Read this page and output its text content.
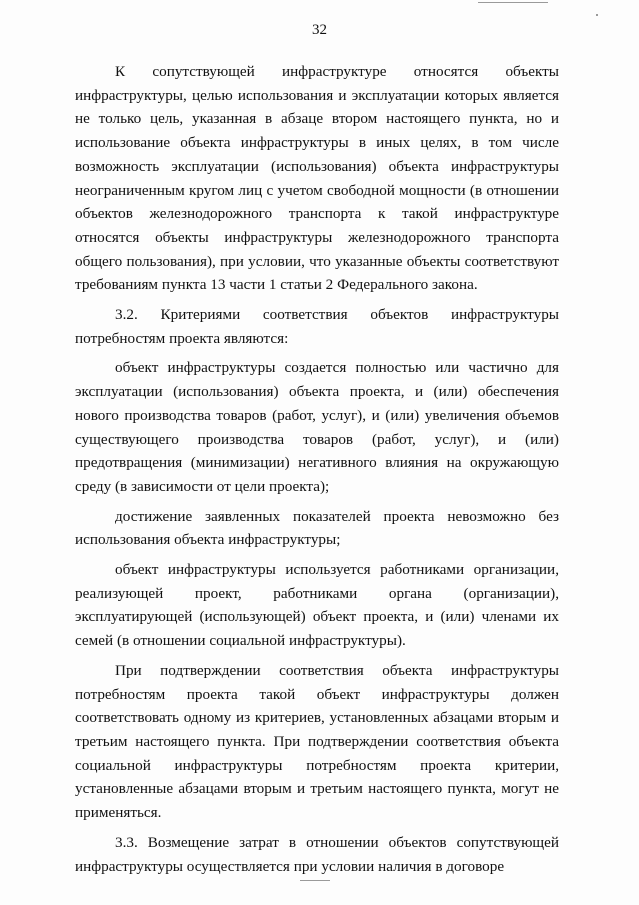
32

К сопутствующей инфраструктуре относятся объекты инфраструктуры, целью использования и эксплуатации которых является не только цель, указанная в абзаце втором настоящего пункта, но и использование объекта инфраструктуры в иных целях, в том числе возможность эксплуатации (использования) объекта инфраструктуры неограниченным кругом лиц с учетом свободной мощности (в отношении объектов железнодорожного транспорта к такой инфраструктуре относятся объекты инфраструктуры железнодорожного транспорта общего пользования), при условии, что указанные объекты соответствуют требованиям пункта 13 части 1 статьи 2 Федерального закона.

3.2. Критериями соответствия объектов инфраструктуры потребностям проекта являются:

объект инфраструктуры создается полностью или частично для эксплуатации (использования) объекта проекта, и (или) обеспечения нового производства товаров (работ, услуг), и (или) увеличения объемов существующего производства товаров (работ, услуг), и (или) предотвращения (минимизации) негативного влияния на окружающую среду (в зависимости от цели проекта);

достижение заявленных показателей проекта невозможно без использования объекта инфраструктуры;

объект инфраструктуры используется работниками организации, реализующей проект, работниками органа (организации), эксплуатирующей (использующей) объект проекта, и (или) членами их семей (в отношении социальной инфраструктуры).

При подтверждении соответствия объекта инфраструктуры потребностям проекта такой объект инфраструктуры должен соответствовать одному из критериев, установленных абзацами вторым и третьим настоящего пункта. При подтверждении соответствия объекта социальной инфраструктуры потребностям проекта критерии, установленные абзацами вторым и третьим настоящего пункта, могут не применяться.

3.3. Возмещение затрат в отношении объектов сопутствующей инфраструктуры осуществляется при условии наличия в договоре
